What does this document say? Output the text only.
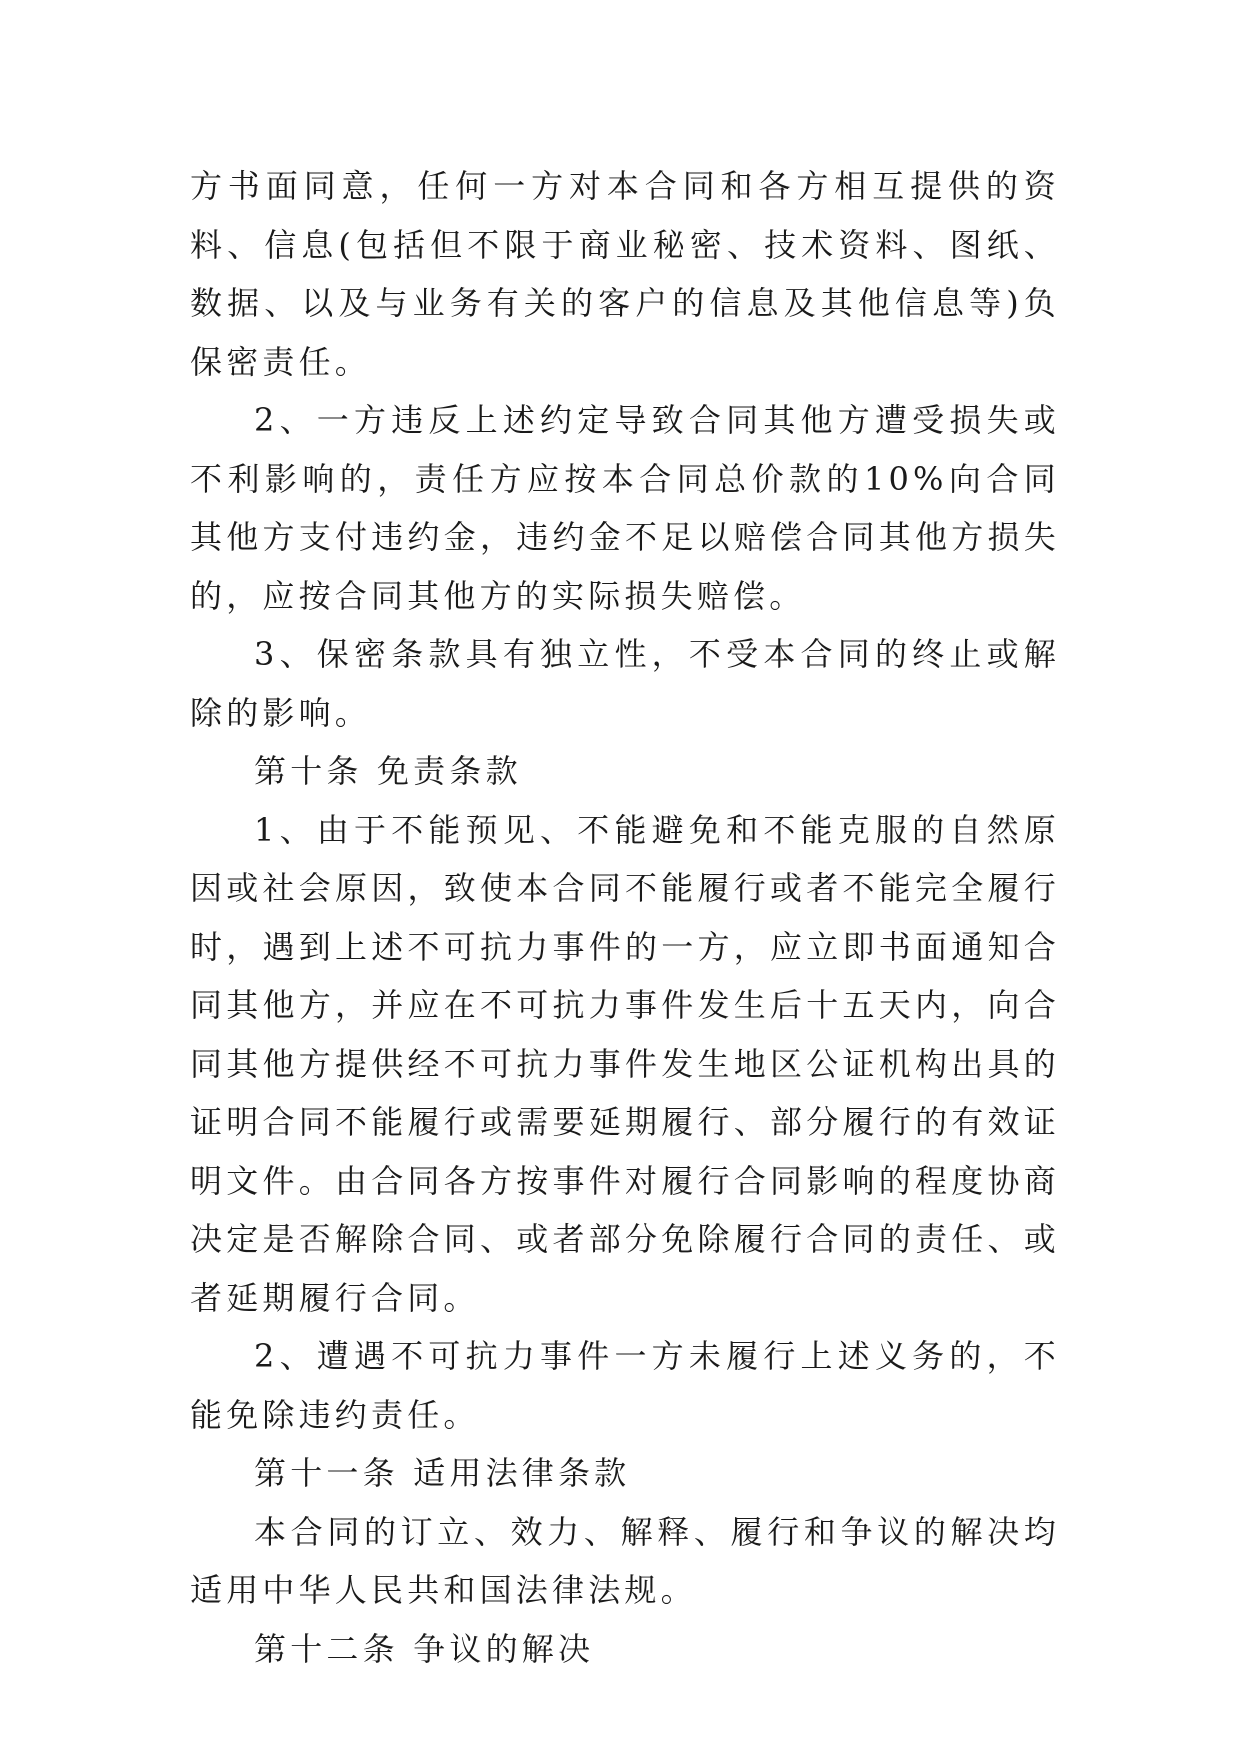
方书面同意，任何一方对本合同和各方相互提供的资料、信息(包括但不限于商业秘密、技术资料、图纸、数据、以及与业务有关的客户的信息及其他信息等)负保密责任。

2、一方违反上述约定导致合同其他方遭受损失或不利影响的，责任方应按本合同总价款的10%向合同其他方支付违约金，违约金不足以赔偿合同其他方损失的，应按合同其他方的实际损失赔偿。

3、保密条款具有独立性，不受本合同的终止或解除的影响。

第十条 免责条款

1、由于不能预见、不能避免和不能克服的自然原因或社会原因，致使本合同不能履行或者不能完全履行时，遇到上述不可抗力事件的一方，应立即书面通知合同其他方，并应在不可抗力事件发生后十五天内，向合同其他方提供经不可抗力事件发生地区公证机构出具的证明合同不能履行或需要延期履行、部分履行的有效证明文件。由合同各方按事件对履行合同影响的程度协商决定是否解除合同、或者部分免除履行合同的责任、或者延期履行合同。

2、遭遇不可抗力事件一方未履行上述义务的，不能免除违约责任。

第十一条 适用法律条款

本合同的订立、效力、解释、履行和争议的解决均适用中华人民共和国法律法规。

第十二条 争议的解决
